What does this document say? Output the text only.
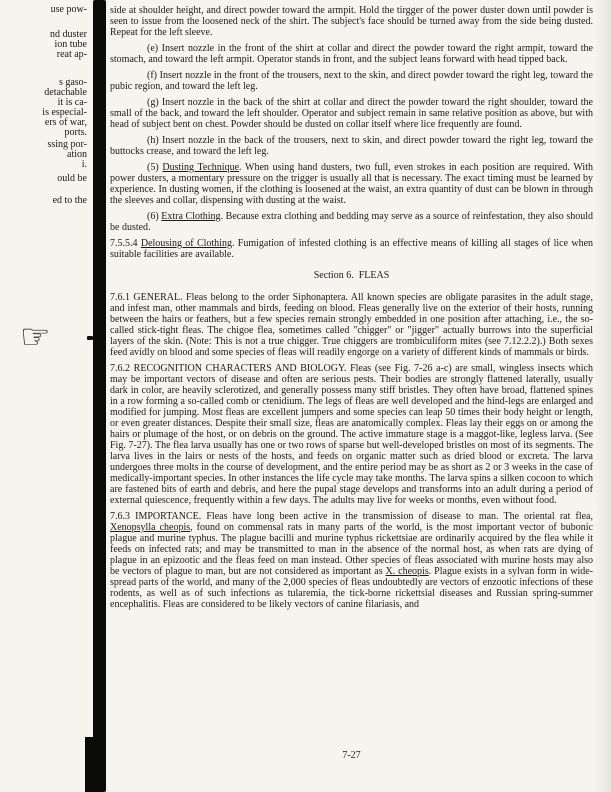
use pow-
nd duster
ion tube
reat ap-
s gaso-
detachable
it is ca-
is especial-
ers of war,
ports.
ssing por-
ation
i.
ould be
ed to the
☞

side at shoulder height, and direct powder toward the armpit. Hold the tirgger of the power duster down until powder is seen to issue from the loosened neck of the shirt. The subject's face should be turned away from the side being dusted. Repeat for the left sleeve.

(e) Insert nozzle in the front of the shirt at collar and direct the powder toward the right armpit, toward the stomach, and toward the left armpit. Operator stands in front, and the subject leans forward with head tipped back.

(f) Insert nozzle in the front of the trousers, next to the skin, and direct powder toward the right leg, toward the pubic region, and toward the left leg.

(g) Insert nozzle in the back of the shirt at collar and direct the powder toward the right shoulder, toward the small of the back, and toward the left shoulder. Operator and subject remain in same relative position as above, but with head of subject bent on chest. Powder should be dusted on collar itself where lice frequently are found.

(h) Insert nozzle in the back of the trousers, next to skin, and direct powder toward the right leg, toward the buttocks crease, and toward the left leg.

(5) Dusting Technique. When using hand dusters, two full, even strokes in each position are required. With power dusters, a momentary pressure on the trigger is usually all that is necessary. The exact timing must be learned by experience. In dusting women, if the clothing is loosened at the waist, an extra quantity of dust can be blown in through the sleeves and collar, dispensing with dusting at the waist.

(6) Extra Clothing. Because extra clothing and bedding may serve as a source of reinfestation, they also should be dusted.

7.5.5.4 Delousing of Clothing. Fumigation of infested clothing is an effective means of killing all stages of lice when suitable facilities are available.

Section 6.  FLEAS

7.6.1 GENERAL. Fleas belong to the order Siphonaptera. All known species are obligate parasites in the adult stage, and infest man, other mammals and birds, feeding on blood. Fleas generally live on the exterior of their hosts, running between the hairs or feathers, but a few species remain strongly embedded in one position after attaching, i.e., the so-called stick-tight fleas. The chigoe flea, sometimes called "chigger" or "jigger" actually burrows into the superficial layers of the skin. (Note: This is not a true chigger. True chiggers are trombiculiform mites (see 7.12.2.2).) Both sexes feed avidly on blood and some species of fleas will readily engorge on a variety of different kinds of mammals or birds.

7.6.2 RECOGNITION CHARACTERS AND BIOLOGY. Fleas (see Fig. 7-26 a-c) are small, wingless insects which may be important vectors of disease and often are serious pests. Their bodies are strongly flattened laterally, usually dark in color, are heavily sclerotized, and generally possess many stiff bristles. They often have broad, flattened spines in a row forming a so-called comb or ctenidium. The legs of fleas are well developed and the hind-legs are enlarged and modified for jumping. Most fleas are excellent jumpers and some species can leap 50 times their body height or length, or even greater distances. Despite their small size, fleas are anatomically complex. Fleas lay their eggs on or among the hairs or plumage of the host, or on debris on the ground. The active immature stage is a maggot-like, legless larva. (See Fig. 7-27). The flea larva usually has one or two rows of sparse but well-developed bristles on most of its segments. The larva lives in the lairs or nests of the hosts, and feeds on organic matter such as dried blood or excreta. The larva undergoes three molts in the course of development, and the entire period may be as short as 2 or 3 weeks in the case of medically-important species. In other instances the life cycle may take months. The larva spins a silken cocoon to which are fastened bits of earth and debris, and here the pupal stage develops and transforms into an adult during a period of external quiescence, frequently within a few days. The adults may live for weeks or months, even without food.

7.6.3 IMPORTANCE. Fleas have long been active in the transmission of disease to man. The oriental rat flea, Xenopsylla cheopis, found on commensal rats in many parts of the world, is the most important vector of bubonic plague and murine typhus. The plague bacilli and murine typhus rickettsiae are ordinarily acquired by the flea while it feeds on infected rats; and may be transmitted to man in the absence of the normal host, as when rats are dying of plague in an epizootic and the fleas feed on man instead. Other species of fleas associated with murine hosts may also be vectors of plague to man, but are not considered as important as X. cheopis. Plague exists in a sylvan form in wide-spread parts of the world, and many of the 2,000 species of fleas undoubtedly are vectors of enzootic infections of these rodents, as well as of such infections as tularemia, the tick-borne rickettsial diseases and Russian spring-summer encephalitis. Fleas are considered to be likely vectors of canine filariasis, and

7-27
